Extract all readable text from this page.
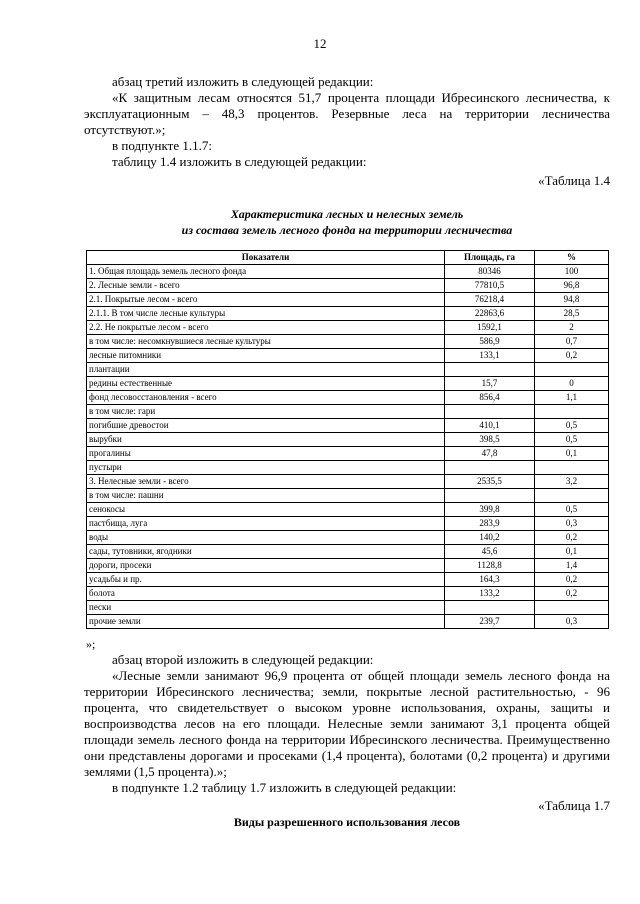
12
абзац третий изложить в следующей редакции:
«К защитным лесам относятся 51,7 процента площади Ибресинского лесничества, к эксплуатационным – 48,3 процентов. Резервные леса на территории лесничества отсутствуют.»;
в подпункте 1.1.7:
таблицу 1.4 изложить в следующей редакции:
«Таблица 1.4
Характеристика лесных и нелесных земель
из состава земель лесного фонда на территории лесничества
Показатели	Площадь, га	%
1. Общая площадь земель лесного фонда	80346	100
2. Лесные земли - всего	77810,5	96,8
2.1. Покрытые лесом - всего	76218,4	94,8
2.1.1. В том числе лесные культуры	22863,6	28,5
2.2. Не покрытые лесом - всего	1592,1	2
в том числе: несомкнувшиеся лесные культуры	586,9	0,7
лесные питомники	133,1	0,2
плантации		
редины естественные	15,7	0
фонд лесовосстановления - всего	856,4	1,1
в том числе: гари		
погибшие древостои	410,1	0,5
вырубки	398,5	0,5
прогалины	47,8	0,1
пустыри		
3. Нелесные земли - всего	2535,5	3,2
в том числе: пашни		
сенокосы	399,8	0,5
пастбища, луга	283,9	0,3
воды	140,2	0,2
сады, тутовники, ягодники	45,6	0,1
дороги, просеки	1128,8	1,4
усадьбы и пр.	164,3	0,2
болота	133,2	0,2
пески		
прочие земли	239,7	0,3
»;
абзац второй изложить в следующей редакции:
«Лесные земли занимают 96,9 процента от общей площади земель лесного фонда на территории Ибресинского лесничества; земли, покрытые лесной растительностью, - 96 процента, что свидетельствует о высоком уровне использования, охраны, защиты и воспроизводства лесов на его площади. Нелесные земли занимают 3,1 процента общей площади земель лесного фонда на территории Ибресинского лесничества. Преимущественно они представлены дорогами и просеками (1,4 процента), болотами (0,2 процента) и другими землями (1,5 процента).»;
в подпункте 1.2 таблицу 1.7 изложить в следующей редакции:
«Таблица 1.7
Виды разрешенного использования лесов
